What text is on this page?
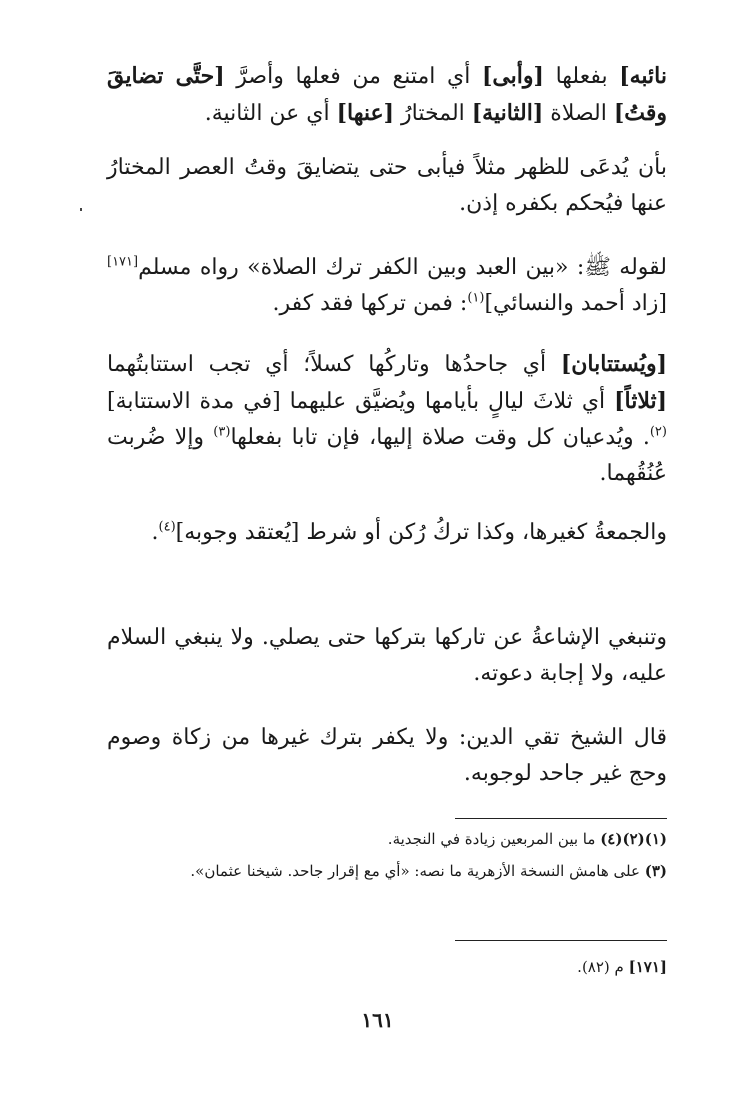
نائبه] بفعلها [وأبى] أي امتنع من فعلها وأصرَّ [حتَّى تضايقَ وقتُ] الصلاة [الثانية] المختارُ [عنها] أي عن الثانية.

بأن يُدعَى للظهر مثلاً فيأبى حتى يتضايقَ وقتُ العصر المختارُ عنها فيُحكم بكفره إذن.

لقوله ﷺ: «بين العبد وبين الكفر ترك الصلاة» رواه مسلم[١٧١] [زاد أحمد والنسائي]$^{(١)}$: فمن تركها فقد كفر.

[ويُستتابان] أي جاحدُها وتاركُها كسلاً؛ أي تجب استتابتُهما [ثلاثاً] أي ثلاثَ ليالٍ بأيامها ويُضيَّق عليهما [في مدة الاستتابة]$^{(٢)}$. ويُدعيان كل وقت صلاة إليها، فإن تابا بفعلها$^{(٣)}$ وإلا ضُربت عُنُقُهما.

والجمعةُ كغيرها، وكذا تركُ رُكن أو شرط [يُعتقد وجوبه]$^{(٤)}$.

وتنبغي الإشاعةُ عن تاركها بتركها حتى يصلي. ولا ينبغي السلام عليه، ولا إجابة دعوته.

قال الشيخ تقي الدين: ولا يكفر بترك غيرها من زكاة وصوم وحج غير جاحد لوجوبه.

(١)(٢)(٤) ما بين المربعين زيادة في النجدية.

(٣) على هامش النسخة الأزهرية ما نصه: «أي مع إقرار جاحد. شيخنا عثمان».

[١٧١] م (٨٢).

١٦١
